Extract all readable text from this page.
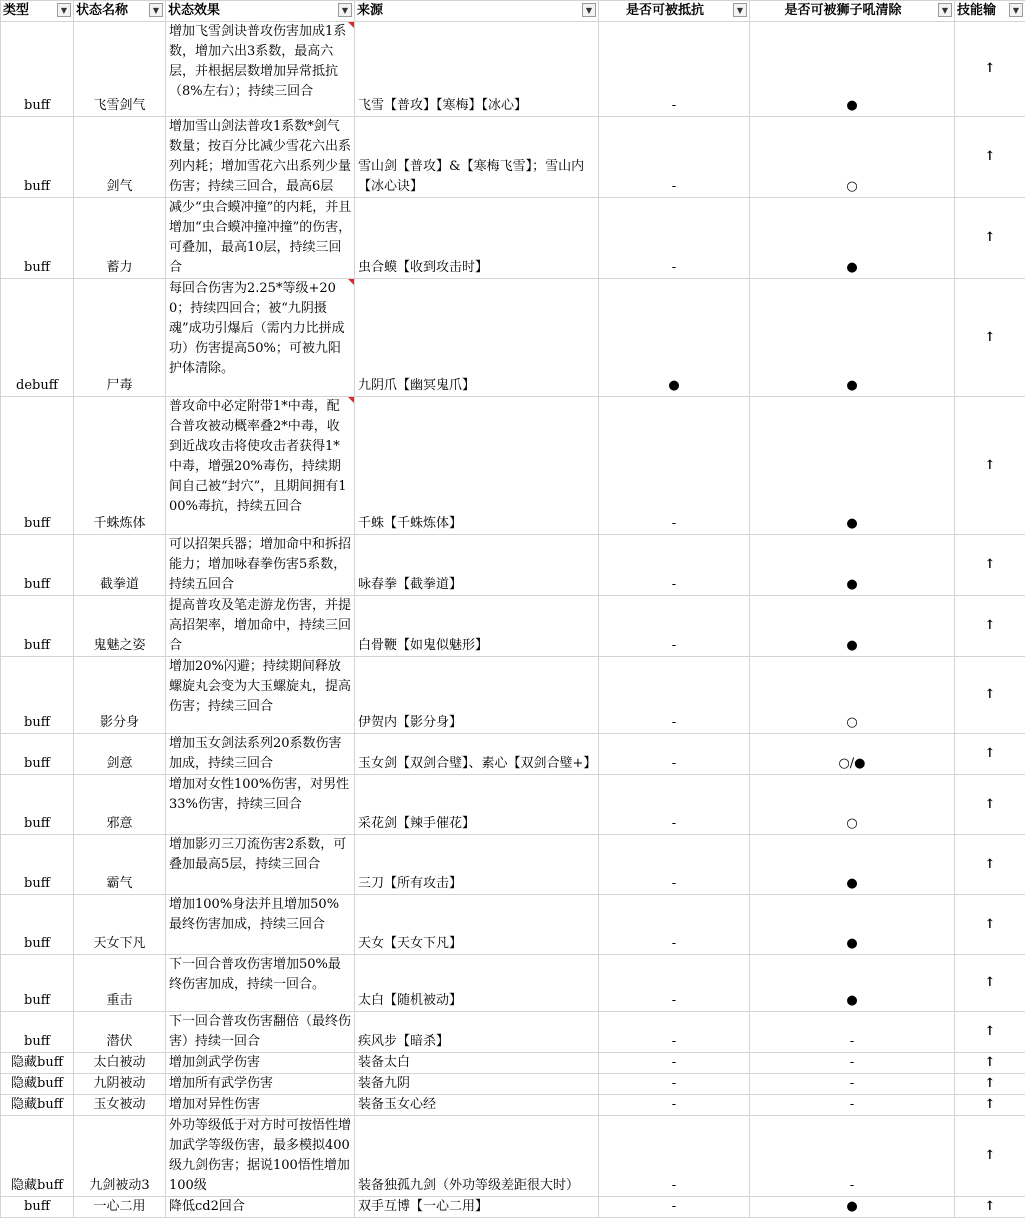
类型 ▼	状态名称 ▼	状态效果 ▼	来源 ▼	是否可被抵抗 ▼	是否可被狮子吼清除 ▼	技能输 ▼

buff	飞雪剑气	增加飞雪剑诀普攻伤害加成1系数，增加六出3系数，最高六层，并根据层数增加异常抵抗（8%左右）；持续三回合	飞雪【普攻】【寒梅】【冰心】	-	●	↑
buff	剑气	增加雪山剑法普攻1系数*剑气数量；按百分比减少雪花六出系列内耗；增加雪花六出系列少量伤害；持续三回合，最高6层	雪山剑【普攻】&【寒梅飞雪】；雪山内【冰心诀】	-	○	↑
buff	蓄力	减少“虫合蟆冲撞”的内耗，并且增加“虫合蟆冲撞冲撞”的伤害，可叠加，最高10层，持续三回合	虫合蟆【收到攻击时】	-	●	↑
debuff	尸毒	每回合伤害为2.25*等级+200；持续四回合；被“九阴摄魂”成功引爆后（需内力比拼成功）伤害提高50%；可被九阳护体清除。	九阴爪【幽冥鬼爪】	●	●	↑
buff	千蛛炼体	普攻命中必定附带1*中毒，配合普攻被动概率叠2*中毒，收到近战攻击将使攻击者获得1*中毒，增强20%毒伤，持续期间自己被“封穴”，且期间拥有100%毒抗，持续五回合	千蛛【千蛛炼体】	-	●	↑
buff	截拳道	可以招架兵器；增加命中和拆招能力；增加咏春拳伤害5系数，持续五回合	咏春拳【截拳道】	-	●	↑
buff	鬼魅之姿	提高普攻及笔走游龙伤害，并提高招架率，增加命中，持续三回合	白骨鞭【如鬼似魅形】	-	●	↑
buff	影分身	增加20%闪避；持续期间释放螺旋丸会变为大玉螺旋丸，提高伤害；持续三回合	伊贺内【影分身】	-	○	↑
buff	剑意	增加玉女剑法系列20系数伤害加成，持续三回合	玉女剑【双剑合璧】、素心【双剑合璧+】	-	○/●	↑
buff	邪意	增加对女性100%伤害，对男性33%伤害，持续三回合	采花剑【辣手催花】	-	○	↑
buff	霸气	增加影刃三刀流伤害2系数，可叠加最高5层，持续三回合	三刀【所有攻击】	-	●	↑
buff	天女下凡	增加100%身法并且增加50%最终伤害加成，持续三回合	天女【天女下凡】	-	●	↑
buff	重击	下一回合普攻伤害增加50%最终伤害加成，持续一回合。	太白【随机被动】	-	●	↑
buff	潜伏	下一回合普攻伤害翻倍（最终伤害）持续一回合	疾风步【暗杀】	-	-	↑
隐藏buff	太白被动	增加剑武学伤害	装备太白	-	-	↑
隐藏buff	九阴被动	增加所有武学伤害	装备九阴	-	-	↑
隐藏buff	玉女被动	增加对异性伤害	装备玉女心经	-	-	↑
隐藏buff	九剑被动3	外功等级低于对方时可按悟性增加武学等级伤害，最多模拟400级九剑伤害；据说100悟性增加100级	装备独孤九剑（外功等级差距很大时）	-	-	↑
buff	一心二用	降低cd2回合	双手互博【一心二用】	-	●	↑
